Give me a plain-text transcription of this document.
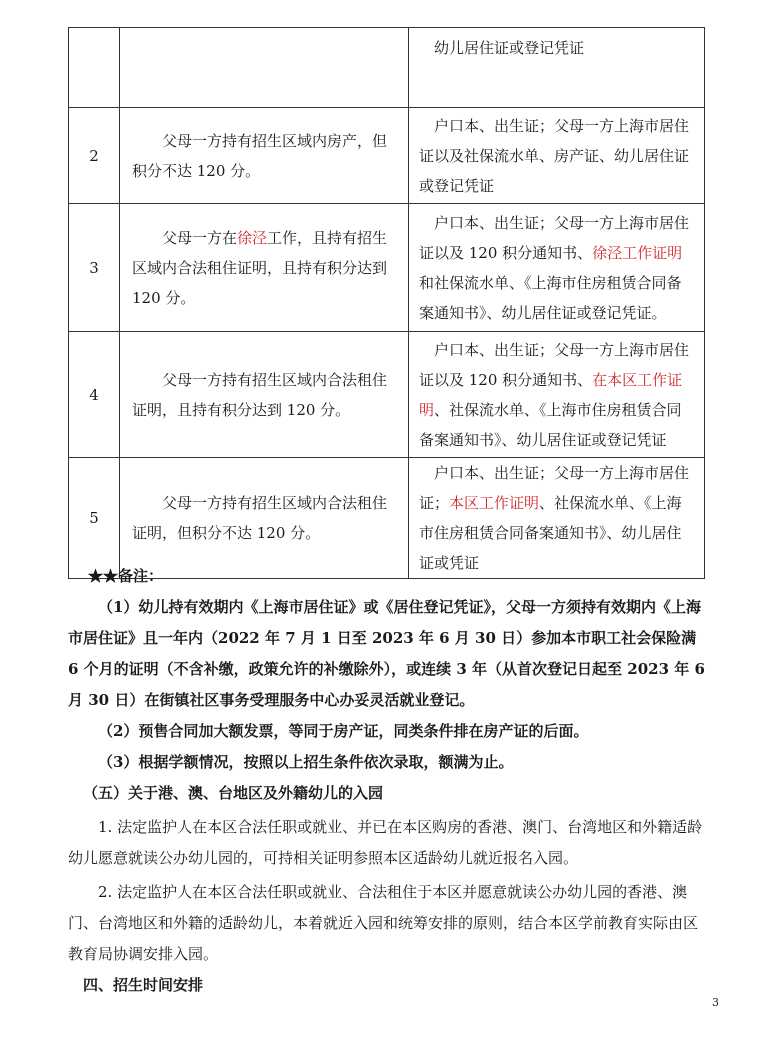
		幼儿居住证或登记凭证

2	父母一方持有招生区域内房产，但积分不达 120 分。	户口本、出生证；父母一方上海市居住证以及社保流水单、房产证、幼儿居住证或登记凭证

3	父母一方在徐泾工作，且持有招生区域内合法租住证明，且持有积分达到 120 分。	户口本、出生证；父母一方上海市居住证以及 120 积分通知书、徐泾工作证明和社保流水单、《上海市住房租赁合同备案通知书》、幼儿居住证或登记凭证。

4	父母一方持有招生区域内合法租住证明，且持有积分达到 120 分。	户口本、出生证；父母一方上海市居住证以及 120 积分通知书、在本区工作证明、社保流水单、《上海市住房租赁合同备案通知书》、幼儿居住证或登记凭证

5	父母一方持有招生区域内合法租住证明，但积分不达 120 分。	户口本、出生证；父母一方上海市居住证；本区工作证明、社保流水单、《上海市住房租赁合同备案通知书》、幼儿居住证或凭证

★★备注：

（1）幼儿持有效期内《上海市居住证》或《居住登记凭证》，父母一方须持有效期内《上海市居住证》且一年内（2022 年 7 月 1 日至 2023 年 6 月 30 日）参加本市职工社会保险满 6 个月的证明（不含补缴，政策允许的补缴除外），或连续 3 年（从首次登记日起至 2023 年 6 月 30 日）在街镇社区事务受理服务中心办妥灵活就业登记。

（2）预售合同加大额发票，等同于房产证，同类条件排在房产证的后面。

（3）根据学额情况，按照以上招生条件依次录取，额满为止。

（五）关于港、澳、台地区及外籍幼儿的入园

1. 法定监护人在本区合法任职或就业、并已在本区购房的香港、澳门、台湾地区和外籍适龄幼儿愿意就读公办幼儿园的，可持相关证明参照本区适龄幼儿就近报名入园。

2. 法定监护人在本区合法任职或就业、合法租住于本区并愿意就读公办幼儿园的香港、澳门、台湾地区和外籍的适龄幼儿，本着就近入园和统筹安排的原则，结合本区学前教育实际由区教育局协调安排入园。

四、招生时间安排

3
